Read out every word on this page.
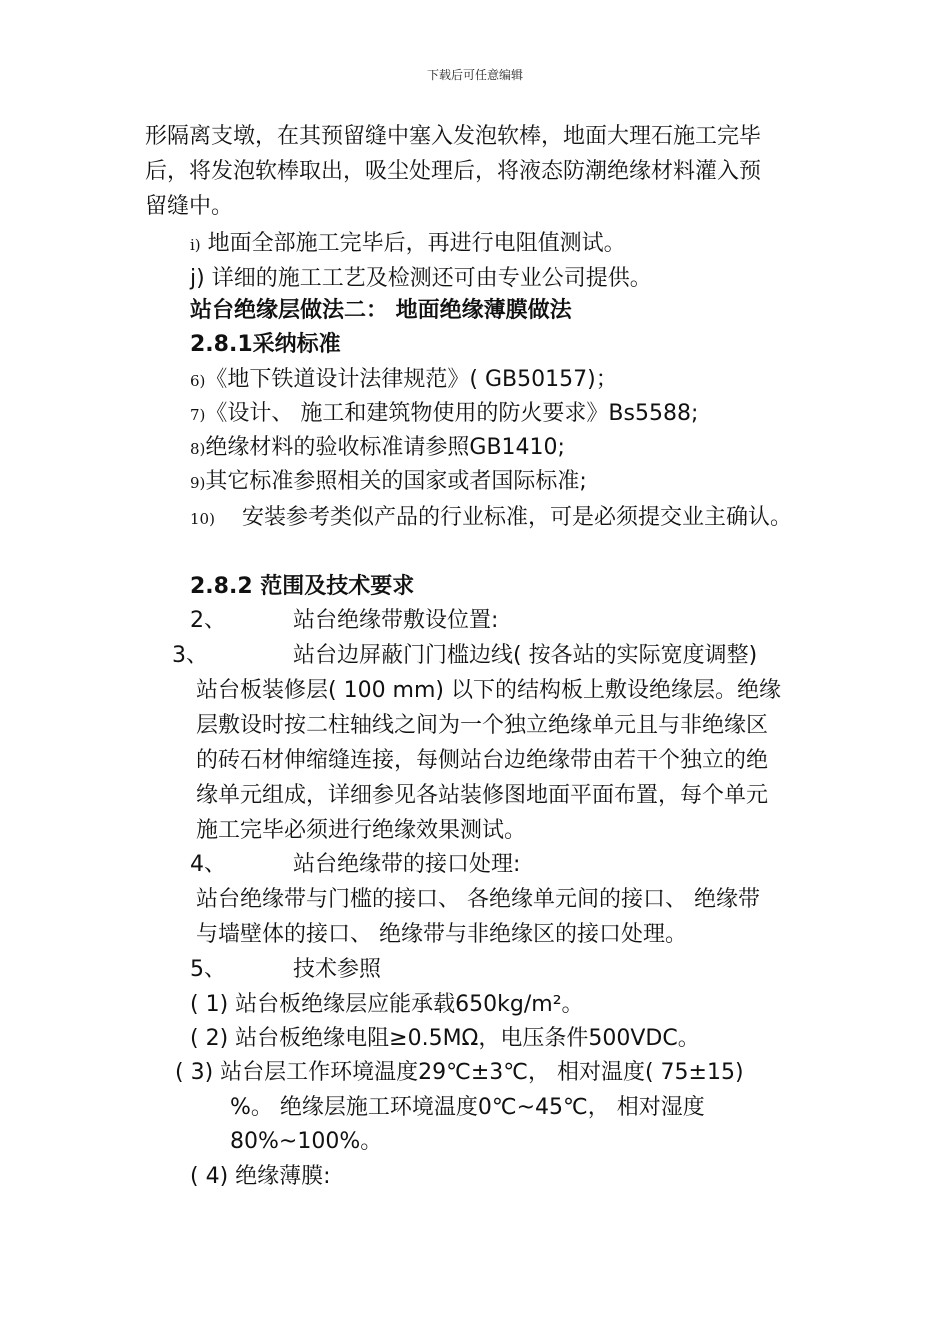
下载后可任意编辑
形隔离支墩，在其预留缝中塞入发泡软棒，地面大理石施工完毕
后，将发泡软棒取出，吸尘处理后，将液态防潮绝缘材料灌入预
留缝中。
i) 地面全部施工完毕后，再进行电阻值测试。
j) 详细的施工工艺及检测还可由专业公司提供。
站台绝缘层做法二： 地面绝缘薄膜做法
2.8.1采纳标准
6)《地下铁道设计法律规范》( GB50157)；
7)《设计、 施工和建筑物使用的防火要求》Bs5588;
8)绝缘材料的验收标准请参照GB1410;
9)其它标准参照相关的国家或者国际标准;
10) 安装参考类似产品的行业标准，可是必须提交业主确认。
2.8.2 范围及技术要求
2、	站台绝缘带敷设位置:
3、	站台边屏蔽门门槛边线( 按各站的实际宽度调整)
站台板装修层( 100 mm) 以下的结构板上敷设绝缘层。绝缘
层敷设时按二柱轴线之间为一个独立绝缘单元且与非绝缘区
的砖石材伸缩缝连接，每侧站台边绝缘带由若干个独立的绝
缘单元组成，详细参见各站装修图地面平面布置，每个单元
施工完毕必须进行绝缘效果测试。
4、	站台绝缘带的接口处理:
站台绝缘带与门槛的接口、 各绝缘单元间的接口、 绝缘带
与墙壁体的接口、 绝缘带与非绝缘区的接口处理。
5、	技术参照
( 1) 站台板绝缘层应能承载650kg/m²。
( 2) 站台板绝缘电阻≥0.5MΩ，电压条件500VDC。
( 3) 站台层工作环境温度29℃±3℃， 相对温度( 75±15)
%。 绝缘层施工环境温度0℃~45℃， 相对湿度
80%~100%。
( 4) 绝缘薄膜:
